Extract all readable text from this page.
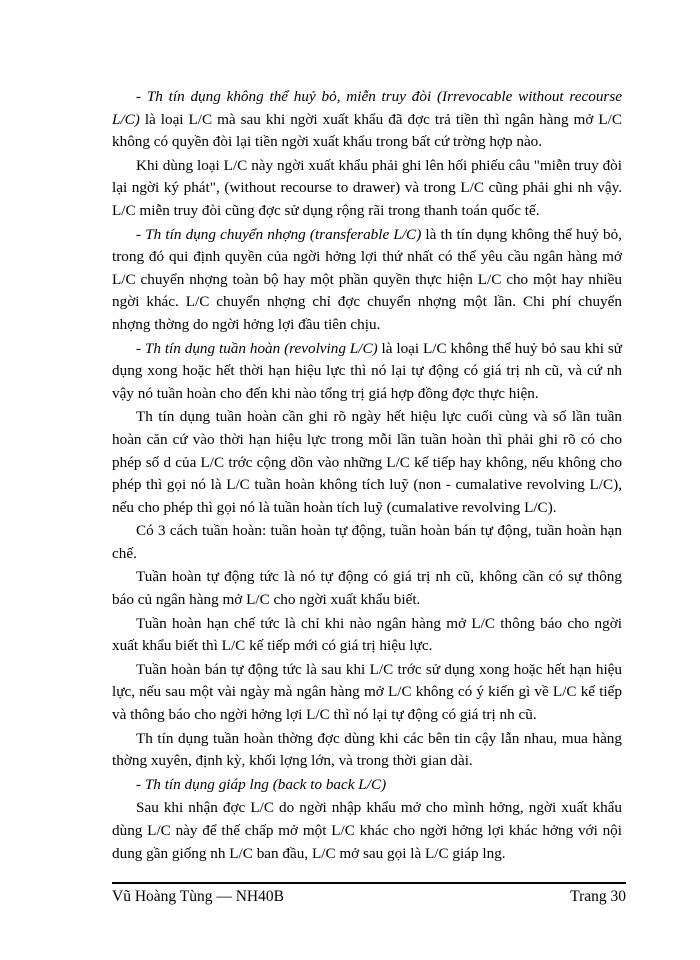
- Th tín dụng không thể huỷ bỏ, miễn truy đòi (Irrevocable without recourse L/C) là loại L/C mà sau khi ngời xuất khẩu đã đợc trả tiền thì ngân hàng mở L/C không có quyền đòi lại tiền ngời xuất khẩu trong bất cứ trờng hợp nào.

Khi dùng loại L/C này ngời xuất khẩu phải ghi lên hối phiếu câu "miễn truy đòi lại ngời ký phát", (without recourse to drawer) và trong L/C cũng phải ghi nh vậy. L/C miễn truy đòi cũng đợc sử dụng rộng rãi trong thanh toán quốc tế.

- Th tín dụng chuyển nhợng (transferable L/C) là th tín dụng không thể huỷ bỏ, trong đó qui định quyền của ngời hởng lợi thứ nhất có thể yêu cầu ngân hàng mở L/C chuyển nhợng toàn bộ hay một phần quyền thực hiện L/C cho một hay nhiều ngời khác. L/C chuyển nhợng chỉ đợc chuyển nhợng một lần. Chi phí chuyển nhợng thờng do ngời hởng lợi đầu tiên chịu.

- Th tín dụng tuần hoàn (revolving L/C) là loại L/C không thể huỷ bỏ sau khi sử dụng xong hoặc hết thời hạn hiệu lực thì nó lại tự động có giá trị nh cũ, và cứ nh vậy nó tuần hoàn cho đến khi nào tổng trị giá hợp đồng đợc thực hiện.

Th tín dụng tuần hoàn cần ghi rõ ngày hết hiệu lực cuối cùng và số lần tuần hoàn căn cứ vào thời hạn hiệu lực trong mỗi lần tuần hoàn thì phải ghi rõ có cho phép số d của L/C trớc cộng dồn vào những L/C kế tiếp hay không, nếu không cho phép thì gọi nó là L/C tuần hoàn không tích luỹ (non - cumalative revolving L/C), nếu cho phép thì gọi nó là tuần hoàn tích luỹ (cumalative revolving L/C).

Có 3 cách tuần hoàn: tuần hoàn tự động, tuần hoàn bán tự động, tuần hoàn hạn chế.

Tuần hoàn tự động tức là nó tự động có giá trị nh cũ, không cần có sự thông báo củ ngân hàng mở L/C cho ngời xuất khẩu biết.

Tuần hoàn hạn chế tức là chỉ khi nào ngân hàng mở L/C thông báo cho ngời xuất khẩu biết thì L/C kế tiếp mới có giá trị hiệu lực.

Tuần hoàn bán tự động tức là sau khi L/C trớc sử dụng xong hoặc hết hạn hiệu lực, nếu sau một vài ngày mà ngân hàng mở L/C không có ý kiến gì về L/C kế tiếp và thông báo cho ngời hởng lợi L/C thì nó lại tự động có giá trị nh cũ.

Th tín dụng tuần hoàn thờng đợc dùng khi các bên tin cậy lẫn nhau, mua hàng thờng xuyên, định kỳ, khối lợng lớn, và trong thời gian dài.

- Th tín dụng giáp lng (back to back L/C)

Sau khi nhận đợc L/C do ngời nhập khẩu mở cho mình hởng, ngời xuất khẩu dùng L/C này để thế chấp mở một L/C khác cho ngời hởng lợi khác hởng với nội dung gần giống nh L/C ban đầu, L/C mở sau gọi là L/C giáp lng.

Vũ Hoàng Tùng — NH40B	Trang 30
